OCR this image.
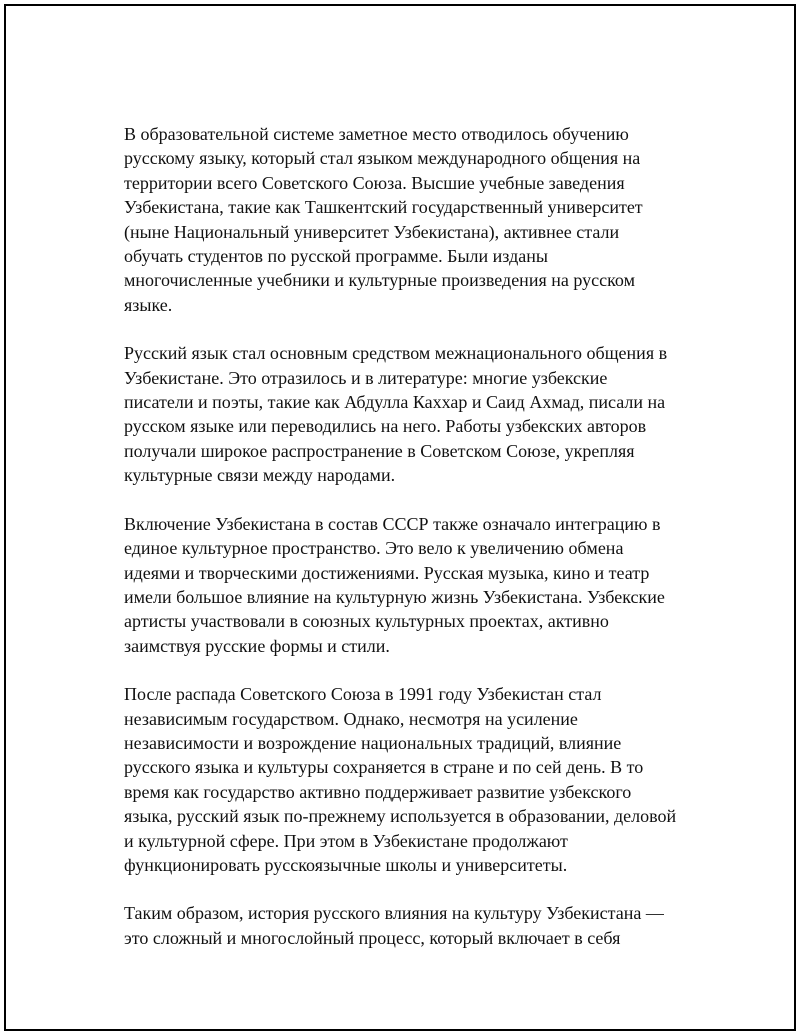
В образовательной системе заметное место отводилось обучению
русскому языку, который стал языком международного общения на
территории всего Советского Союза. Высшие учебные заведения
Узбекистана, такие как Ташкентский государственный университет
(ныне Национальный университет Узбекистана), активнее стали
обучать студентов по русской программе. Были изданы
многочисленные учебники и культурные произведения на русском
языке.

Русский язык стал основным средством межнационального общения в
Узбекистане. Это отразилось и в литературе: многие узбекские
писатели и поэты, такие как Абдулла Каххар и Саид Ахмад, писали на
русском языке или переводились на него. Работы узбекских авторов
получали широкое распространение в Советском Союзе, укрепляя
культурные связи между народами.

Включение Узбекистана в состав СССР также означало интеграцию в
единое культурное пространство. Это вело к увеличению обмена
идеями и творческими достижениями. Русская музыка, кино и театр
имели большое влияние на культурную жизнь Узбекистана. Узбекские
артисты участвовали в союзных культурных проектах, активно
заимствуя русские формы и стили.

После распада Советского Союза в 1991 году Узбекистан стал
независимым государством. Однако, несмотря на усиление
независимости и возрождение национальных традиций, влияние
русского языка и культуры сохраняется в стране и по сей день. В то
время как государство активно поддерживает развитие узбекского
языка, русский язык по-прежнему используется в образовании, деловой
и культурной сфере. При этом в Узбекистане продолжают
функционировать русскоязычные школы и университеты.

Таким образом, история русского влияния на культуру Узбекистана —
это сложный и многослойный процесс, который включает в себя
